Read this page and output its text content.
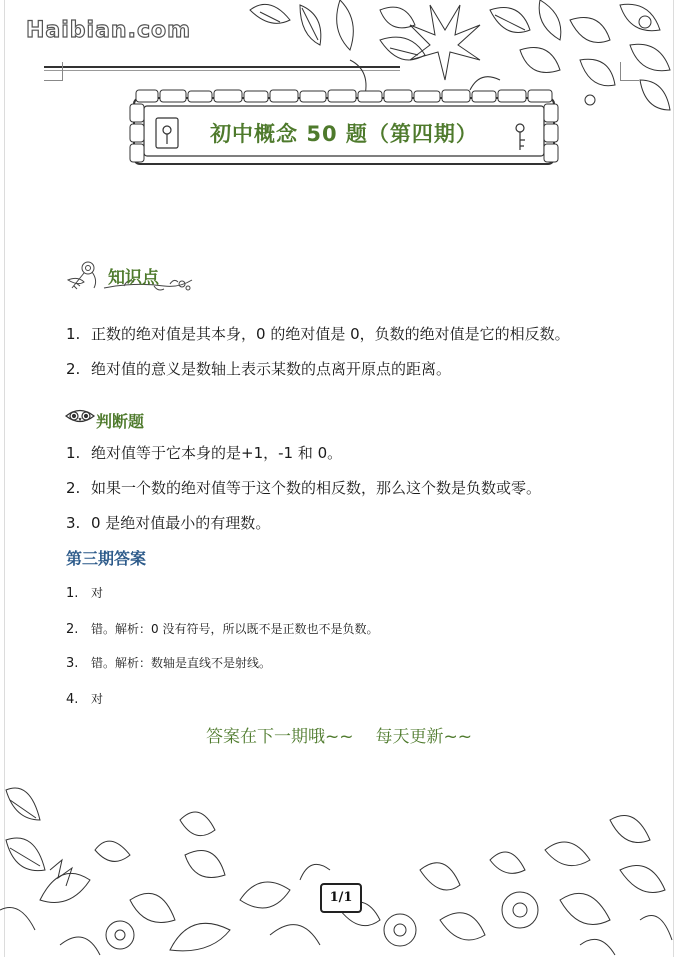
Haibian.com
初中概念 50 题（第四期）
知识点
1. 正数的绝对值是其本身，0 的绝对值是 0，负数的绝对值是它的相反数。
2. 绝对值的意义是数轴上表示某数的点离开原点的距离。
判断题
1. 绝对值等于它本身的是+1，-1 和 0。
2. 如果一个数的绝对值等于这个数的相反数，那么这个数是负数或零。
3. 0 是绝对值最小的有理数。
第三期答案
1. 对
2. 错。解析：0 没有符号，所以既不是正数也不是负数。
3. 错。解析：数轴是直线不是射线。
4. 对
答案在下一期哦~~ 每天更新~~
1/1
